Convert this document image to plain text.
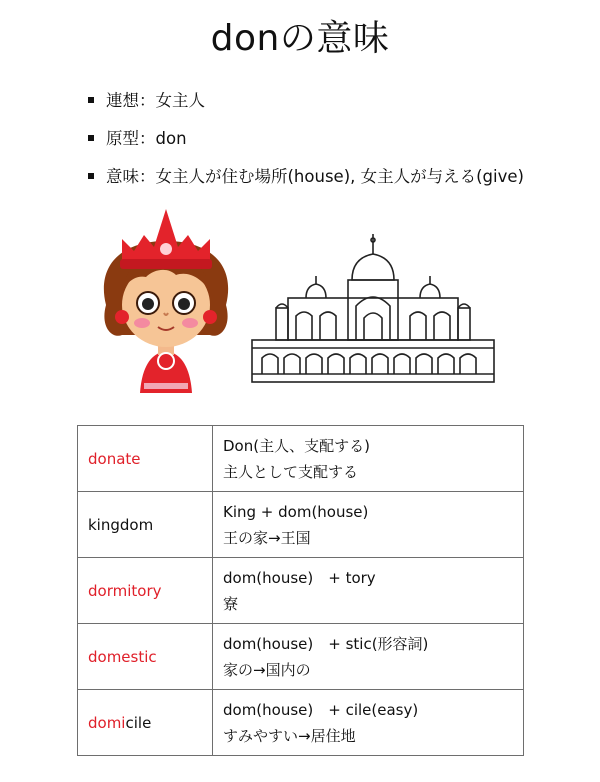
donの意味
連想：女主人
原型：don
意味：女主人が住む場所(house), 女主人が与える(give)
donate	Don(主人、支配する)
主人として支配する

kingdom	King + dom(house)
王の家→王国

dormitory	dom(house)　+ tory
寮

domestic	dom(house)　+ stic(形容詞)
家の→国内の

domicile	dom(house)　+ cile(easy)
すみやすい→居住地
